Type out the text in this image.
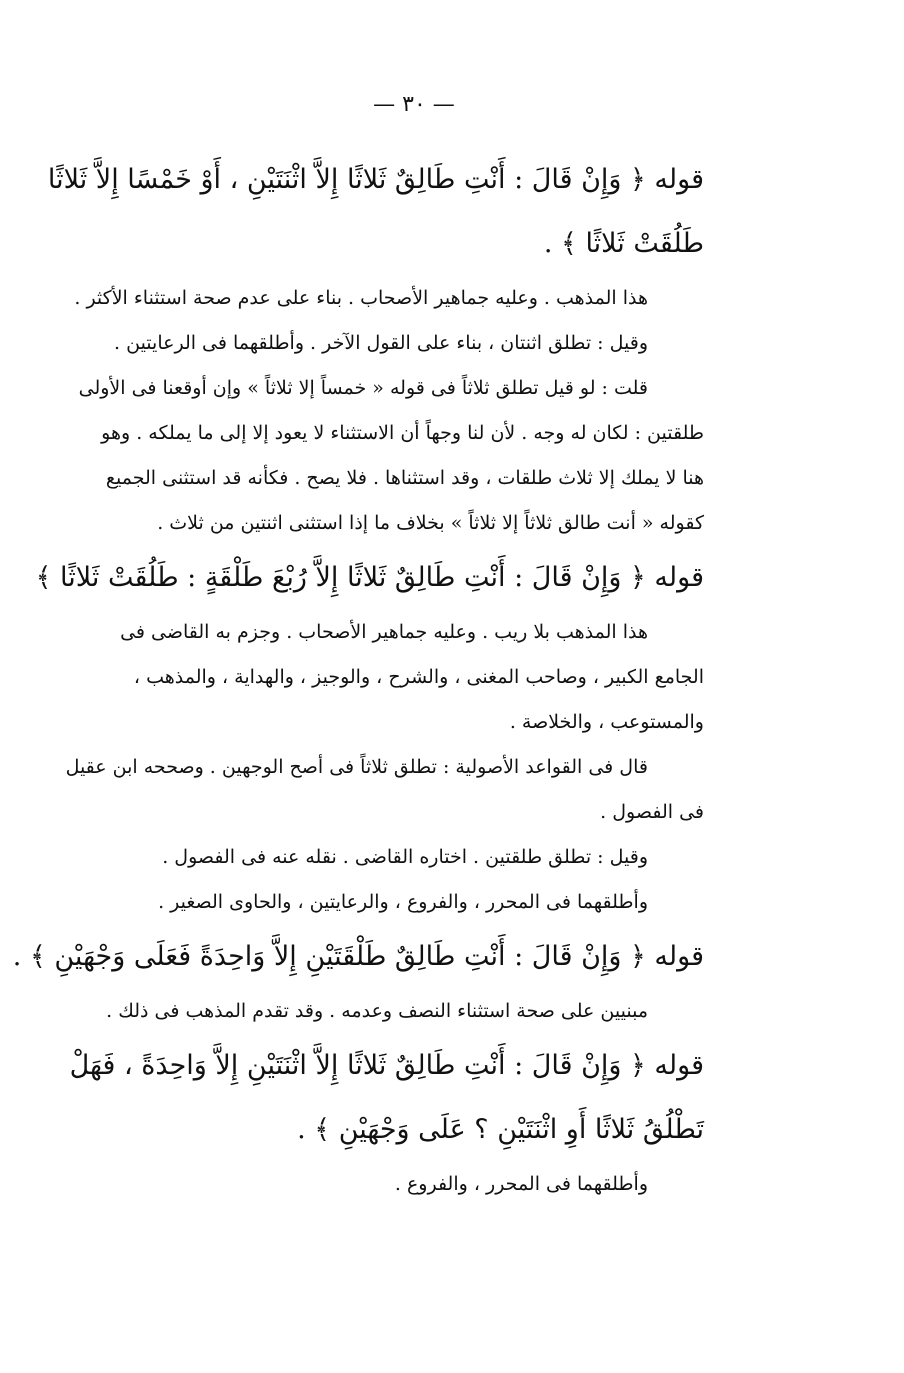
— ٣٠ —
قوله ﴿ وَإِنْ قَالَ : أَنْتِ طَالِقٌ ثَلاثًا إِلاَّ اثْنَتَيْنِ ، أَوْ خَمْسًا إِلاَّ ثَلاثًا
طَلُقَتْ ثَلاثًا ﴾ .
هذا المذهب . وعليه جماهير الأصحاب . بناء على عدم صحة استثناء الأكثر .
وقيل : تطلق اثنتان ، بناء على القول الآخر . وأطلقهما فى الرعايتين .
قلت : لو قيل تطلق ثلاثاً فى قوله « خمساً إلا ثلاثاً » وإن أوقعنا فى الأولى
طلقتين : لكان له وجه . لأن لنا وجهاً أن الاستثناء لا يعود إلا إلى ما يملكه . وهو
هنا لا يملك إلا ثلاث طلقات ، وقد استثناها . فلا يصح . فكأنه قد استثنى الجميع
كقوله « أنت طالق ثلاثاً إلا ثلاثاً » بخلاف ما إذا استثنى اثنتين من ثلاث .
قوله ﴿ وَإِنْ قَالَ : أَنْتِ طَالِقٌ ثَلاثًا إِلاَّ رُبْعَ طَلْقَةٍ : طَلُقَتْ ثَلاثًا ﴾
هذا المذهب بلا ريب . وعليه جماهير الأصحاب . وجزم به القاضى فى
الجامع الكبير ، وصاحب المغنى ، والشرح ، والوجيز ، والهداية ، والمذهب ،
والمستوعب ، والخلاصة .
قال فى القواعد الأصولية : تطلق ثلاثاً فى أصح الوجهين . وصححه ابن عقيل
فى الفصول .
وقيل : تطلق طلقتين . اختاره القاضى . نقله عنه فى الفصول .
وأطلقهما فى المحرر ، والفروع ، والرعايتين ، والحاوى الصغير .
قوله ﴿ وَإِنْ قَالَ : أَنْتِ طَالِقٌ طَلْقَتَيْنِ إِلاَّ وَاحِدَةً فَعَلَى وَجْهَيْنِ ﴾ .
مبنيين على صحة استثناء النصف وعدمه . وقد تقدم المذهب فى ذلك .
قوله ﴿ وَإِنْ قَالَ : أَنْتِ طَالِقٌ ثَلاثًا إِلاَّ اثْنَتَيْنِ إِلاَّ وَاحِدَةً ، فَهَلْ
تَطْلُقُ ثَلاثًا أَوِ اثْنَتَيْنِ ؟ عَلَى وَجْهَيْنِ ﴾ .
وأطلقهما فى المحرر ، والفروع .
